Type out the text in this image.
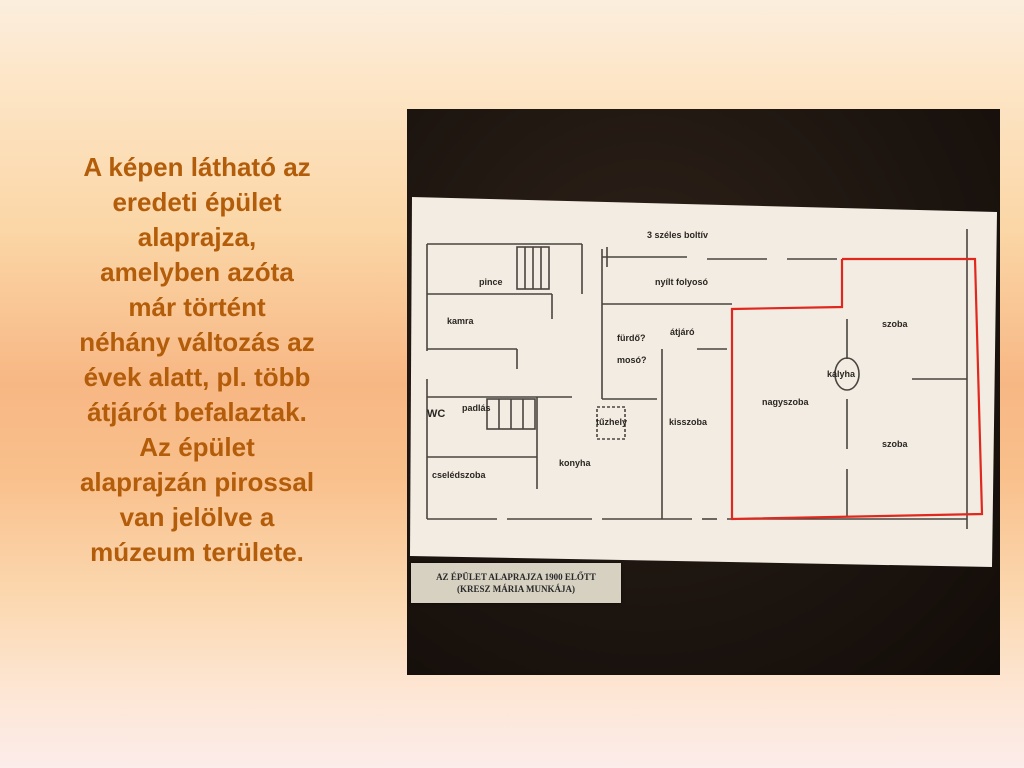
A képen látható az
eredeti épület
alaprajza,
amelyben azóta
már történt
néhány változás az
évek alatt, pl. több
átjárót befalaztak.
Az épület
alaprajzán pirossal
van jelölve a
múzeum területe.
3 széles boltív
pince
kamra
nyílt folyosó
fürdő?
mosó?
átjáró
szoba
kályha
nagyszoba
szoba
WC padlás
tűzhely	kisszoba
konyha
cselédszoba
AZ ÉPÜLET ALAPRAJZA 1900 ELŐTT
(KRESZ MÁRIA MUNKÁJA)
